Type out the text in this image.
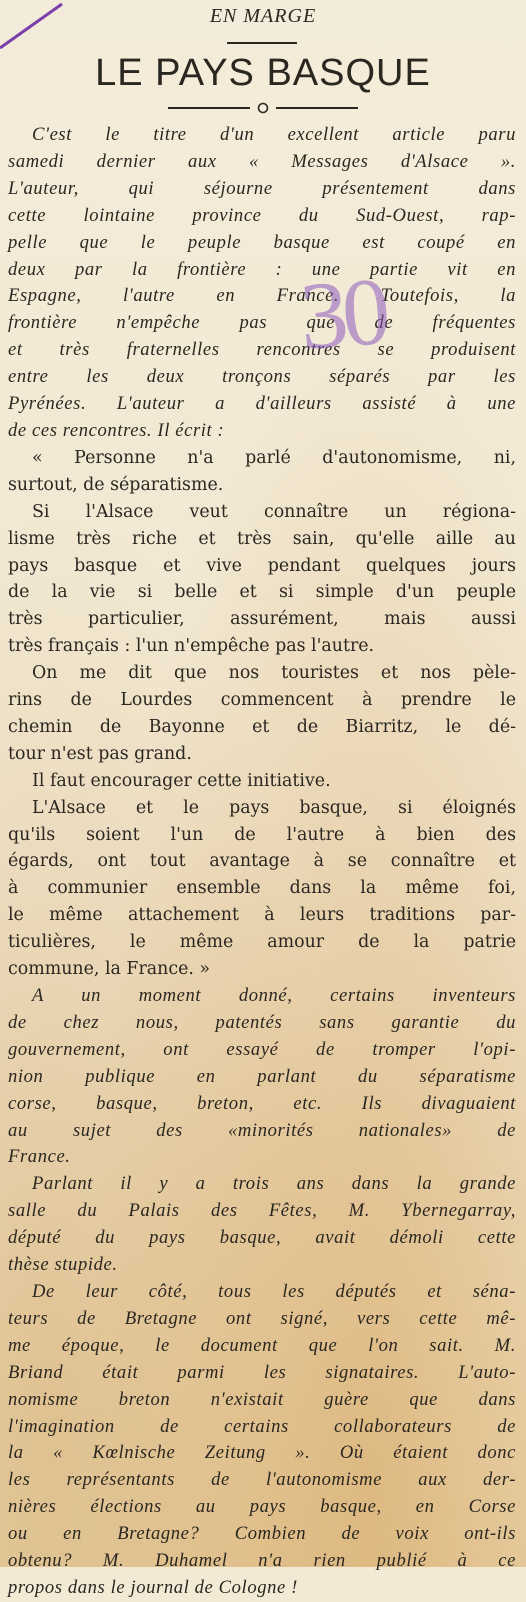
EN MARGE
LE PAYS BASQUE
C'est le titre d'un excellent article paru
samedi dernier aux « Messages d'Alsace ».
L'auteur, qui séjourne présentement dans
cette lointaine province du Sud-Ouest, rap-
pelle que le peuple basque est coupé en
deux par la frontière : une partie vit en
Espagne, l'autre en France. Toutefois, la
frontière n'empêche pas que de fréquentes
et très fraternelles rencontres se produisent
entre les deux tronçons séparés par les
Pyrénées. L'auteur a d'ailleurs assisté à une
de ces rencontres. Il écrit :
« Personne n'a parlé d'autonomisme, ni,
surtout, de séparatisme.
Si l'Alsace veut connaître un régiona-
lisme très riche et très sain, qu'elle aille au
pays basque et vive pendant quelques jours
de la vie si belle et si simple d'un peuple
très particulier, assurément, mais aussi
très français : l'un n'empêche pas l'autre.
On me dit que nos touristes et nos pèle-
rins de Lourdes commencent à prendre le
chemin de Bayonne et de Biarritz, le dé-
tour n'est pas grand.
Il faut encourager cette initiative.
L'Alsace et le pays basque, si éloignés
qu'ils soient l'un de l'autre à bien des
égards, ont tout avantage à se connaître et
à communier ensemble dans la même foi,
le même attachement à leurs traditions par-
ticulières, le même amour de la patrie
commune, la France. »
A un moment donné, certains inventeurs
de chez nous, patentés sans garantie du
gouvernement, ont essayé de tromper l'opi-
nion publique en parlant du séparatisme
corse, basque, breton, etc. Ils divaguaient
au sujet des «minorités nationales» de
France.
Parlant il y a trois ans dans la grande
salle du Palais des Fêtes, M. Ybernegarray,
député du pays basque, avait démoli cette
thèse stupide.
De leur côté, tous les députés et séna-
teurs de Bretagne ont signé, vers cette mê-
me époque, le document que l'on sait. M.
Briand était parmi les signataires. L'auto-
nomisme breton n'existait guère que dans
l'imagination de certains collaborateurs de
la « Kœlnische Zeitung ». Où étaient donc
les représentants de l'autonomisme aux der-
nières élections au pays basque, en Corse
ou en Bretagne? Combien de voix ont-ils
obtenu? M. Duhamel n'a rien publié à ce
propos dans le journal de Cologne !
30
